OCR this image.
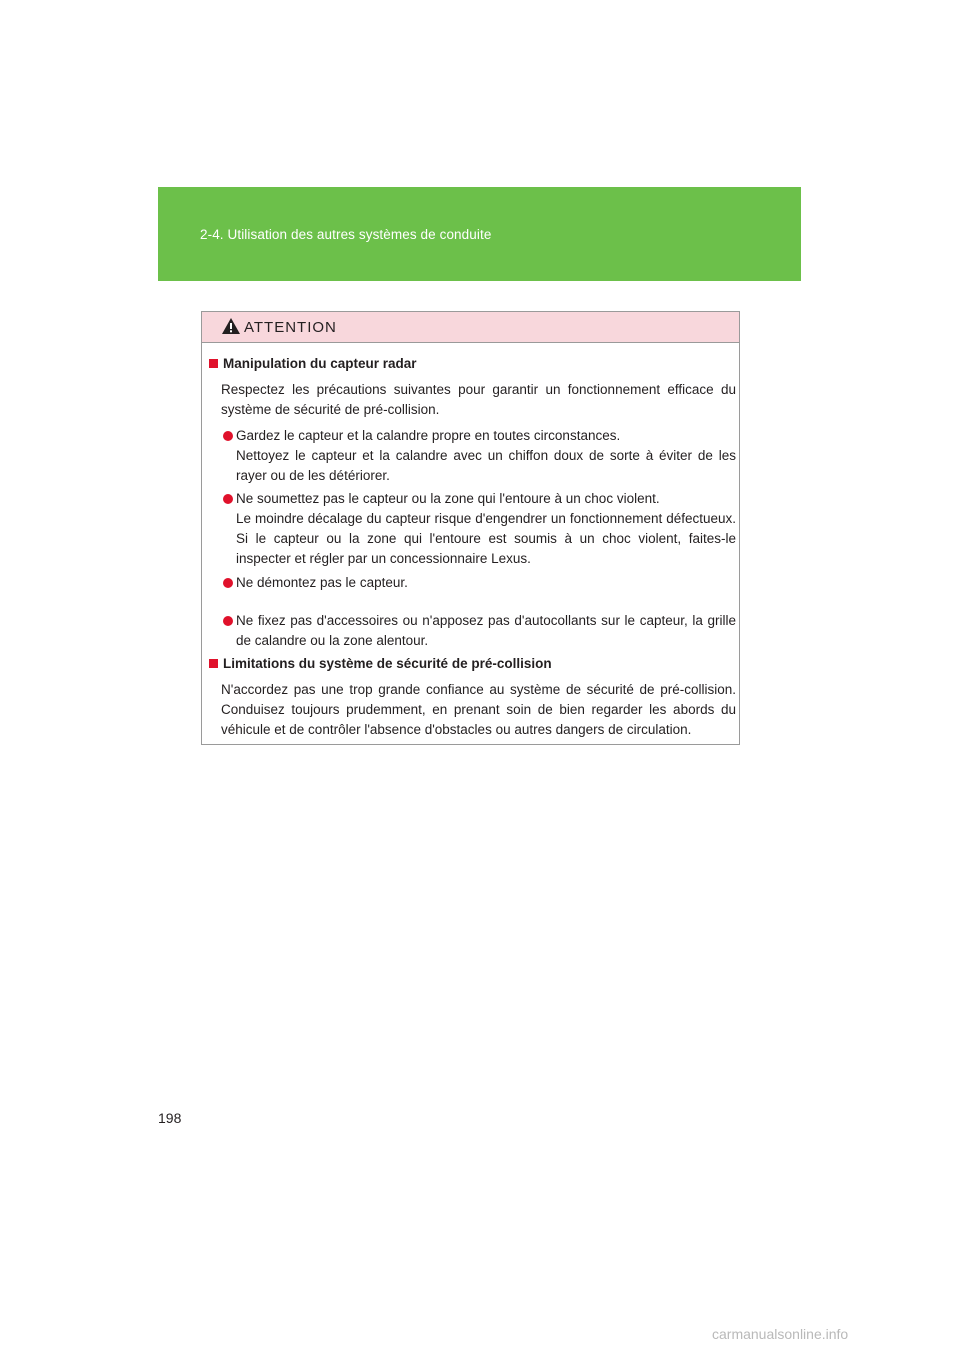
2-4. Utilisation des autres systèmes de conduite
ATTENTION
Manipulation du capteur radar
Respectez les précautions suivantes pour garantir un fonctionnement efficace du système de sécurité de pré-collision.
Gardez le capteur et la calandre propre en toutes circonstances.
Nettoyez le capteur et la calandre avec un chiffon doux de sorte à éviter de les rayer ou de les détériorer.
Ne soumettez pas le capteur ou la zone qui l'entoure à un choc violent.
Le moindre décalage du capteur risque d'engendrer un fonctionnement défectueux. Si le capteur ou la zone qui l'entoure est soumis à un choc violent, faites-le inspecter et régler par un concessionnaire Lexus.
Ne démontez pas le capteur.
Ne fixez pas d'accessoires ou n'apposez pas d'autocollants sur le capteur, la grille de calandre ou la zone alentour.
Limitations du système de sécurité de pré-collision
N'accordez pas une trop grande confiance au système de sécurité de pré-collision. Conduisez toujours prudemment, en prenant soin de bien regarder les abords du véhicule et de contrôler l'absence d'obstacles ou autres dangers de circulation.
198
carmanualsonline.info
